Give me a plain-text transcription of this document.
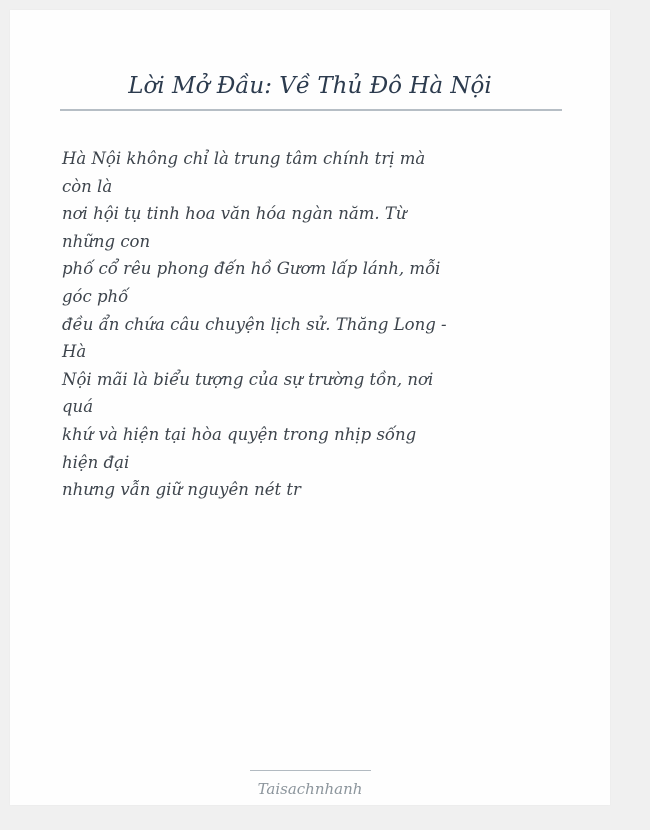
Lời Mở Đầu: Về Thủ Đô Hà Nội
Hà Nội không chỉ là trung tâm chính trị mà
còn là
nơi hội tụ tinh hoa văn hóa ngàn năm. Từ
những con
phố cổ rêu phong đến hồ Gươm lấp lánh, mỗi
góc phố
đều ẩn chứa câu chuyện lịch sử. Thăng Long -
Hà
Nội mãi là biểu tượng của sự trường tồn, nơi
quá
khứ và hiện tại hòa quyện trong nhịp sống
hiện đại
nhưng vẫn giữ nguyên nét tr
Taisachnhanh
